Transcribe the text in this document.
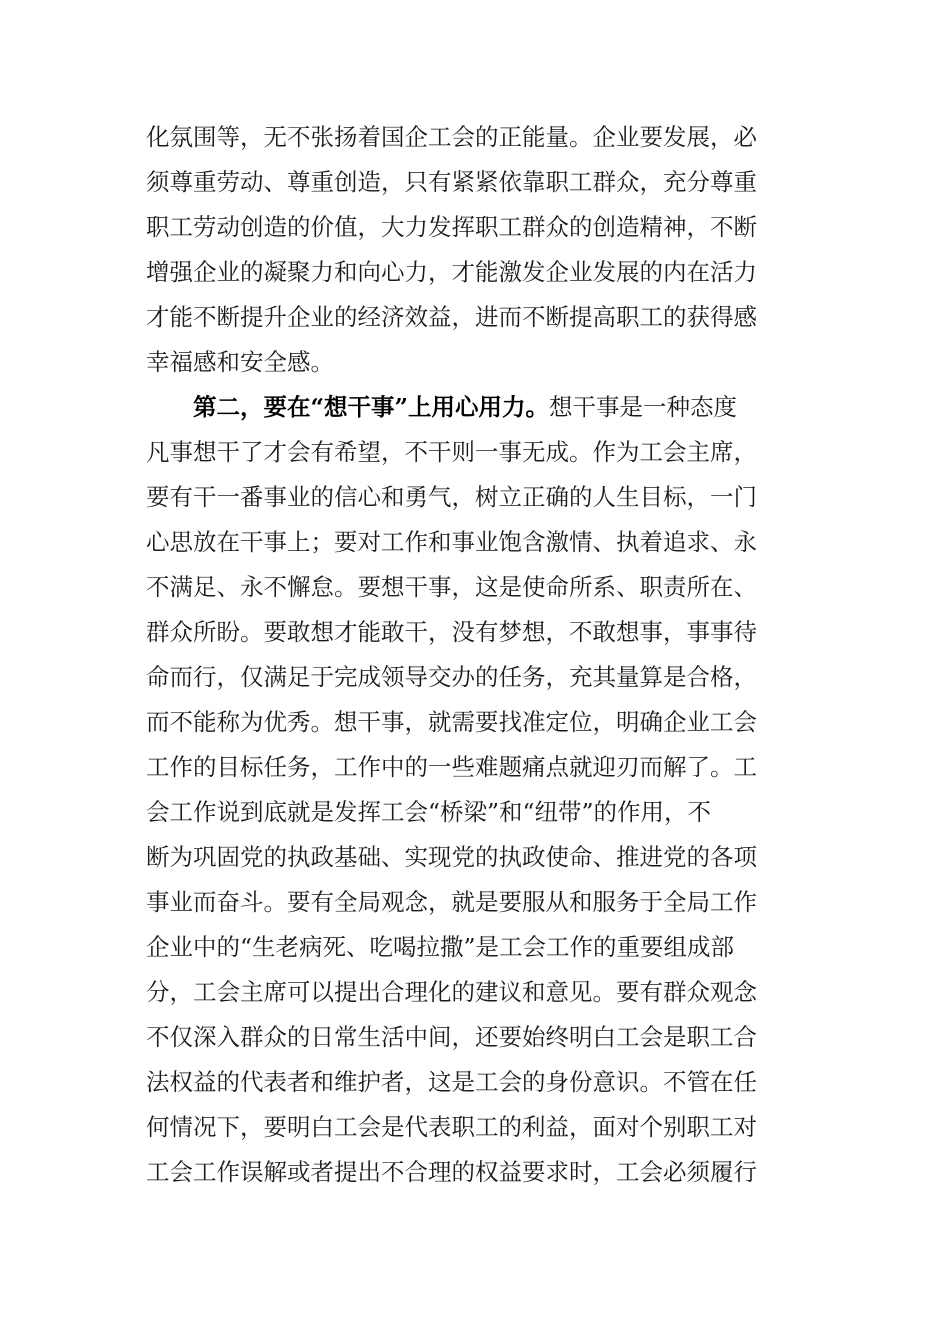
化氛围等，无不张扬着国企工会的正能量。企业要发展，必
须尊重劳动、尊重创造，只有紧紧依靠职工群众，充分尊重
职工劳动创造的价值，大力发挥职工群众的创造精神，不断
增强企业的凝聚力和向心力，才能激发企业发展的内在活力
才能不断提升企业的经济效益，进而不断提高职工的获得感
幸福感和安全感。
第二，要在“想干事”上用心用力。想干事是一种态度
凡事想干了才会有希望，不干则一事无成。作为工会主席，
要有干一番事业的信心和勇气，树立正确的人生目标，一门
心思放在干事上；要对工作和事业饱含激情、执着追求、永
不满足、永不懈怠。要想干事，这是使命所系、职责所在、
群众所盼。要敢想才能敢干，没有梦想，不敢想事，事事待
命而行，仅满足于完成领导交办的任务，充其量算是合格，
而不能称为优秀。想干事，就需要找准定位，明确企业工会
工作的目标任务，工作中的一些难题痛点就迎刃而解了。工
会工作说到底就是发挥工会“桥梁”和“纽带”的作用，不
断为巩固党的执政基础、实现党的执政使命、推进党的各项
事业而奋斗。要有全局观念，就是要服从和服务于全局工作
企业中的“生老病死、吃喝拉撒”是工会工作的重要组成部
分，工会主席可以提出合理化的建议和意见。要有群众观念
不仅深入群众的日常生活中间，还要始终明白工会是职工合
法权益的代表者和维护者，这是工会的身份意识。不管在任
何情况下，要明白工会是代表职工的利益，面对个别职工对
工会工作误解或者提出不合理的权益要求时，工会必须履行
